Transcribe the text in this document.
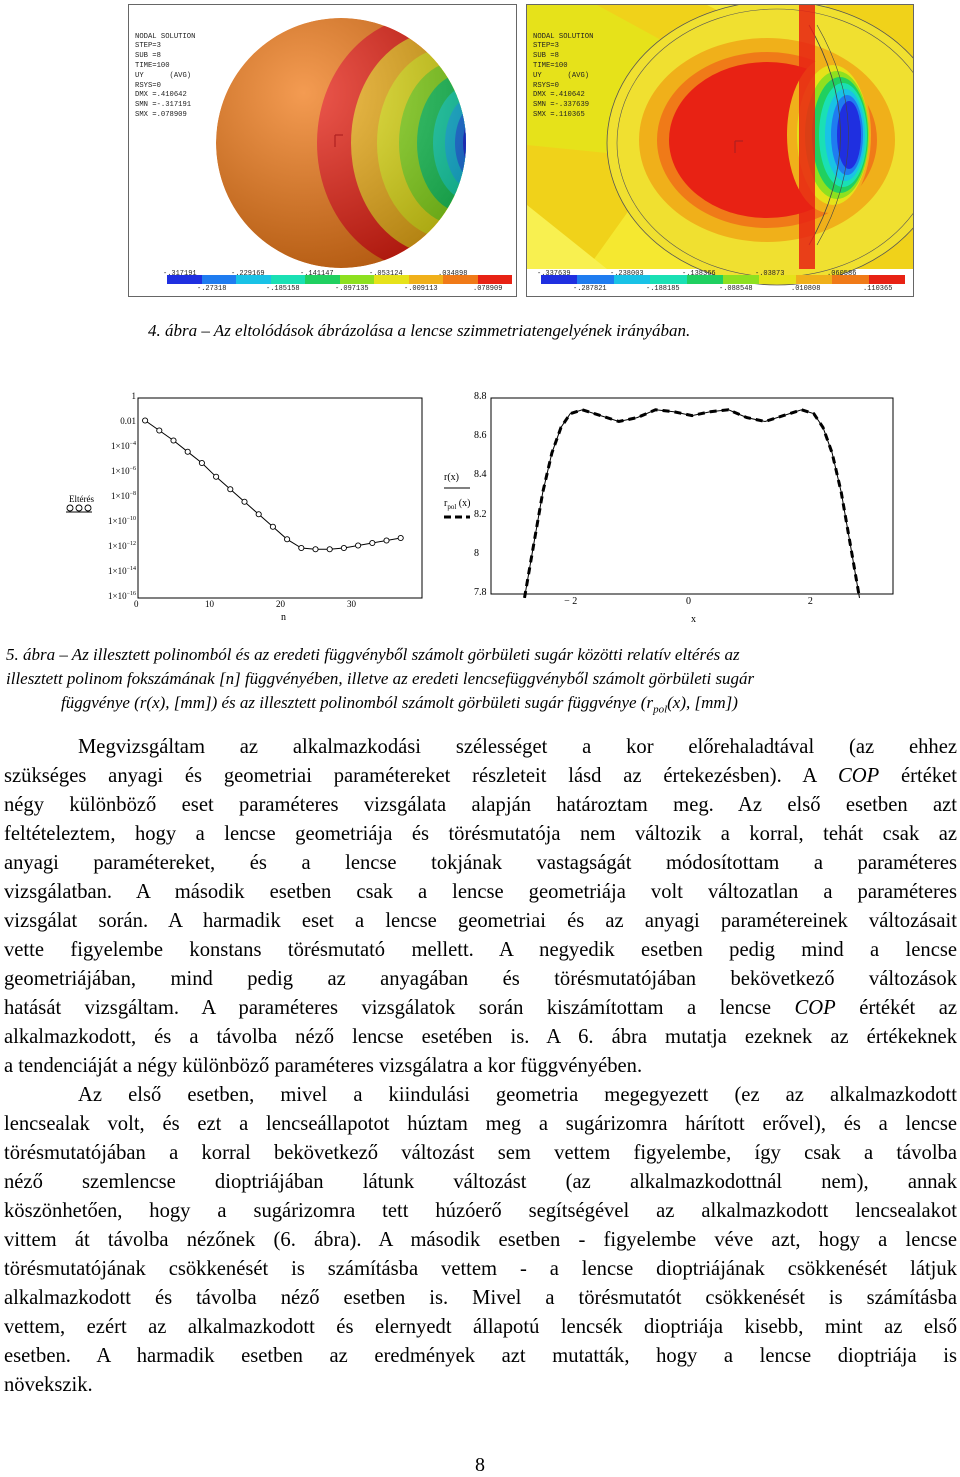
NODAL SOLUTION
STEP=3
SUB =8
TIME=100
UY      (AVG)
RSYS=0
DMX =.410642
SMN =-.317191
SMX =.078909

-.317191	-.229169	-.141147	-.053124	.034898
-.27318	-.185158	-.097135	-.009113	.078909

NODAL SOLUTION
STEP=3
SUB =8
TIME=100
UY      (AVG)
RSYS=0
DMX =.410642
SMN =-.337639
SMX =.110365

-.337639	-.238003	-.138366	-.03873	.060586
-.287821	-.188185	-.088548	.010808	.110365
4. ábra – Az eltolódások ábrázolása a lencse szimmetriatengelyének irányában.
Eltérés
1
0.01
$1\times 10^{-4}$
$1\times 10^{-6}$
$1\times 10^{-8}$
$1\times 10^{-10}$
$1\times 10^{-12}$
$1\times 10^{-14}$
$1\times 10^{-16}$
0	10	20	30
n
r(x)
$r_{pol}$ (x)
8.8
8.6
8.4
8.2
8
7.8
− 2	0	2
x
5. ábra – Az illesztett polinomból és az eredeti függvényből számolt görbületi sugár közötti relatív eltérés az
illesztett polinom fokszámának [n] függvényében, illetve az eredeti lencsefüggvényből számolt görbületi sugár
függvénye (r(x), [mm]) és az illesztett polinomból számolt görbületi sugár függvénye ($r_{pol}(x)$, [mm])
Megvizsgáltam az alkalmazkodási szélességet a kor előrehaladtával (az ehhez
szükséges anyagi és geometriai paramétereket részleteit lásd az értekezésben). A COP értéket
négy különböző eset paraméteres vizsgálata alapján határoztam meg. Az első esetben azt
feltételeztem, hogy a lencse geometriája és törésmutatója nem változik a korral, tehát csak az
anyagi paramétereket, és a lencse tokjának vastagságát módosítottam a paraméteres
vizsgálatban. A második esetben csak a lencse geometriája volt változatlan a paraméteres
vizsgálat során. A harmadik eset a lencse geometriai és az anyagi paramétereinek változásait
vette figyelembe konstans törésmutató mellett. A negyedik esetben pedig mind a lencse
geometriájában, mind pedig az anyagában és törésmutatójában bekövetkező változások
hatását vizsgáltam. A paraméteres vizsgálatok során kiszámítottam a lencse COP értékét az
alkalmazkodott, és a távolba néző lencse esetében is. A 6. ábra mutatja ezeknek az értékeknek
a tendenciáját a négy különböző paraméteres vizsgálatra a kor függvényében.
Az első esetben, mivel a kiindulási geometria megegyezett (ez az alkalmazkodott
lencsealak volt, és ezt a lencseállapotot húztam meg a sugárizomra hárított erővel), és a lencse
törésmutatójában a korral bekövetkező változást sem vettem figyelembe, így csak a távolba
néző szemlencse dioptriájában látunk változást (az alkalmazkodottnál nem), annak
köszönhetően, hogy a sugárizomra tett húzóerő segítségével az alkalmazkodott lencsealakot
vittem át távolba nézőnek (6. ábra). A második esetben - figyelembe véve azt, hogy a lencse
törésmutatójának csökkenését is számításba vettem - a lencse dioptriájának csökkenését látjuk
alkalmazkodott és távolba néző esetben is. Mivel a törésmutatót csökkenését is számításba
vettem, ezért az alkalmazkodott és elernyedt állapotú lencsék dioptriája kisebb, mint az első
esetben. A harmadik esetben az eredmények azt mutatták, hogy a lencse dioptriája is
növekszik.
8
